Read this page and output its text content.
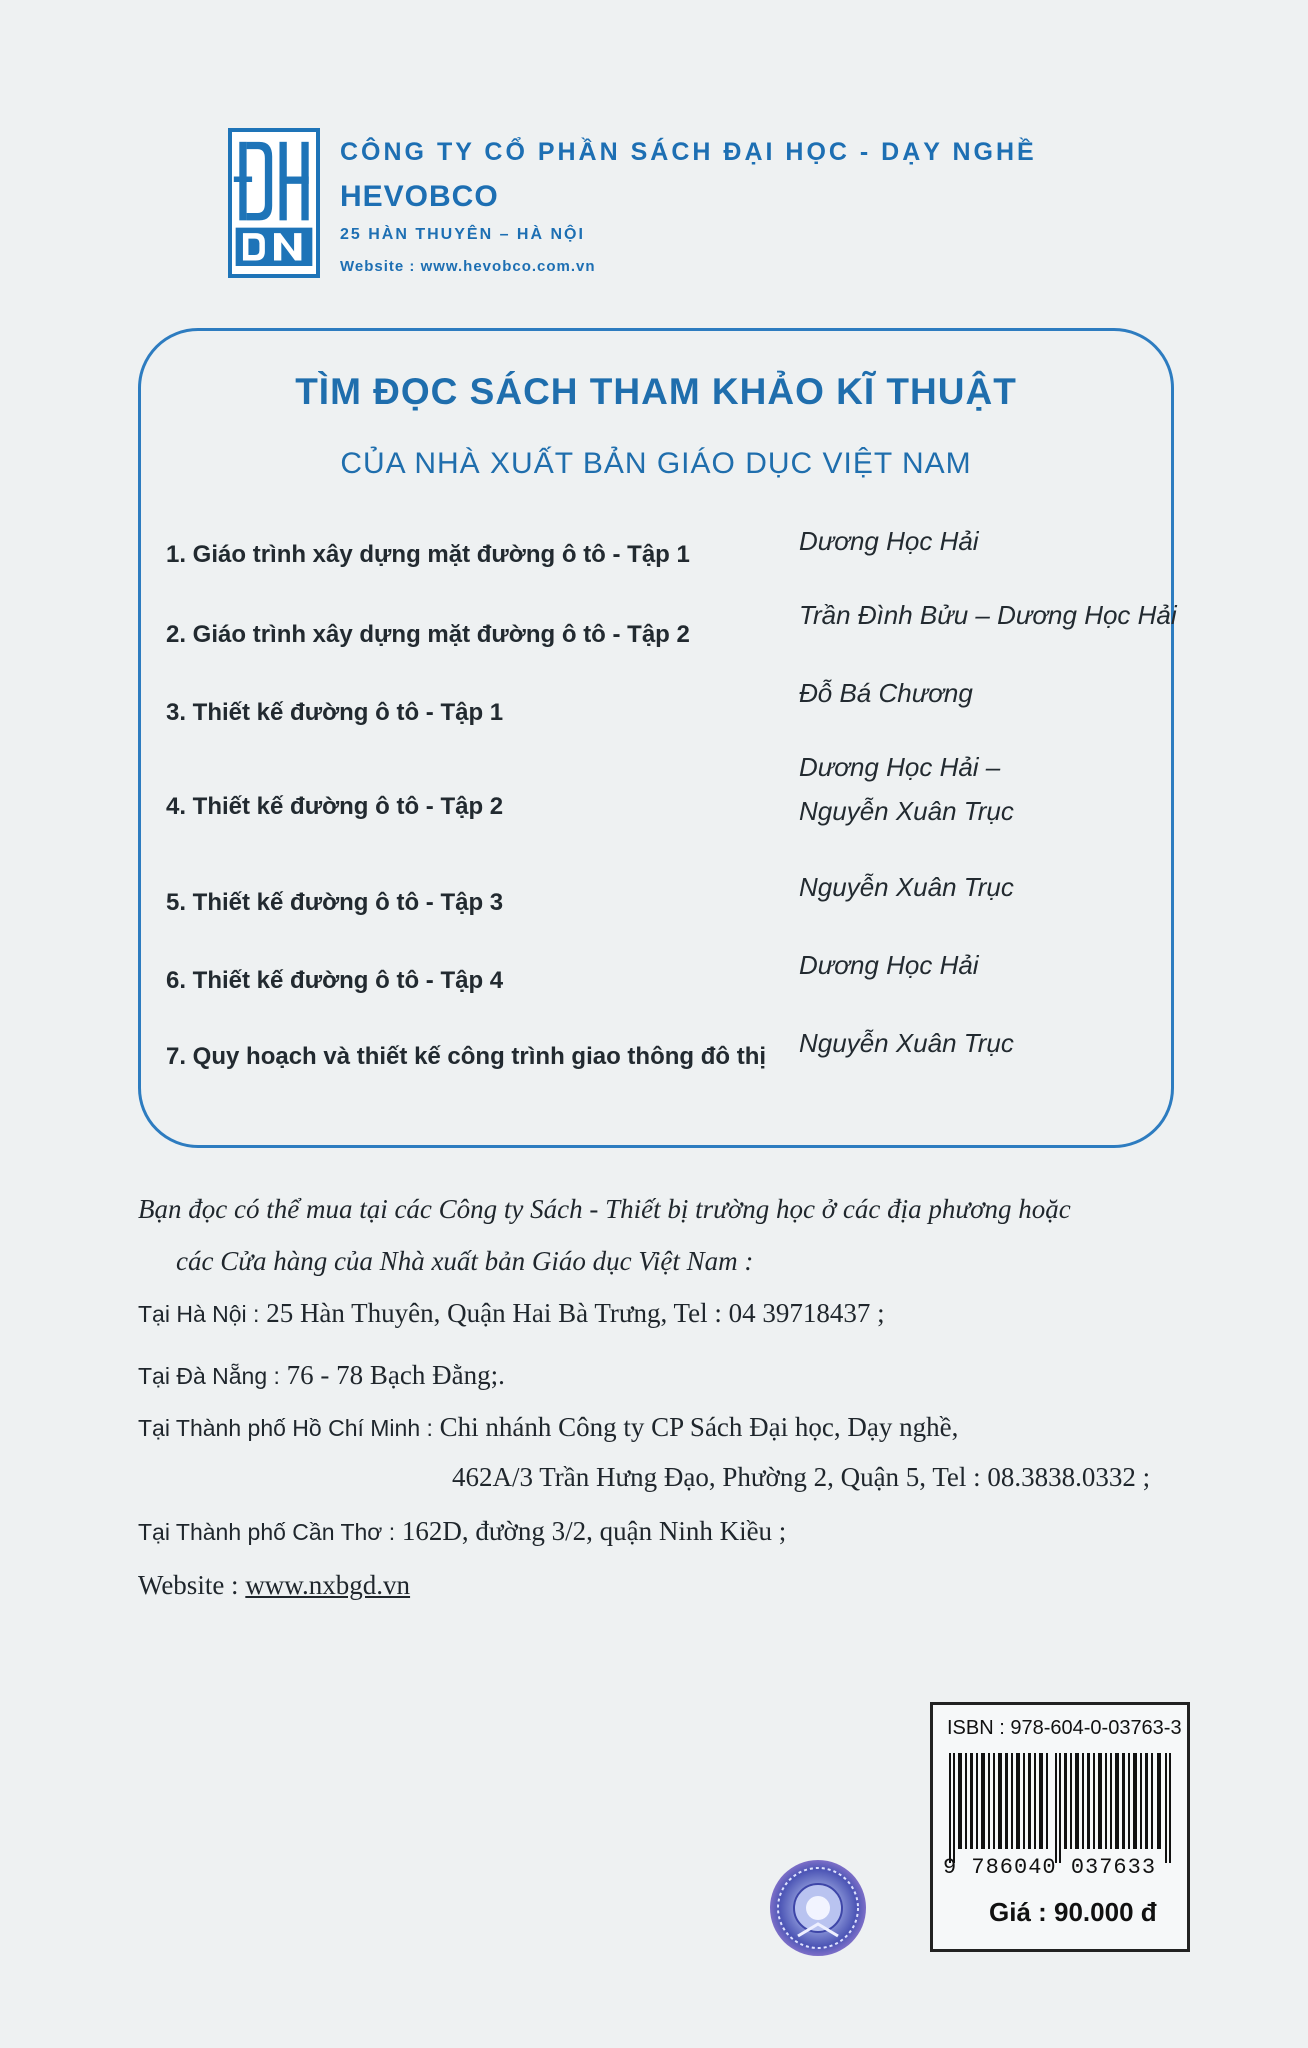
CÔNG TY CỔ PHẦN SÁCH ĐẠI HỌC - DẠY NGHỀ
HEVOBCO
25 HÀN THUYÊN – HÀ NỘI
Website : www.hevobco.com.vn
TÌM ĐỌC SÁCH THAM KHẢO KĨ THUẬT
CỦA NHÀ XUẤT BẢN GIÁO DỤC VIỆT NAM
1. Giáo trình xây dựng mặt đường ô tô - Tập 1	Dương Học Hải
2. Giáo trình xây dựng mặt đường ô tô - Tập 2
Trần Đình Bửu – Dương Học Hải
3. Thiết kế đường ô tô - Tập 1
Đỗ Bá Chương
4. Thiết kế đường ô tô - Tập 2
Dương Học Hải –
Nguyễn Xuân Trục
5. Thiết kế đường ô tô - Tập 3
Nguyễn Xuân Trục
6. Thiết kế đường ô tô - Tập 4
Dương Học Hải
7. Quy hoạch và thiết kế công trình giao thông đô thị Nguyễn Xuân Trục
Bạn đọc có thể mua tại các Công ty Sách - Thiết bị trường học ở các địa phương hoặc
các Cửa hàng của Nhà xuất bản Giáo dục Việt Nam :
Tại Hà Nội : 25 Hàn Thuyên, Quận Hai Bà Trưng, Tel : 04 39718437 ;
Tại Đà Nẵng : 76 - 78 Bạch Đằng;.
Tại Thành phố Hồ Chí Minh : Chi nhánh Công ty CP Sách Đại học, Dạy nghề,
462A/3 Trần Hưng Đạo, Phường 2, Quận 5, Tel : 08.3838.0332 ;
Tại Thành phố Cần Thơ : 162D, đường 3/2, quận Ninh Kiều ;
Website : www.nxbgd.vn
ISBN : 978-604-0-03763-3
9 786040 037633
Giá : 90.000 đ
